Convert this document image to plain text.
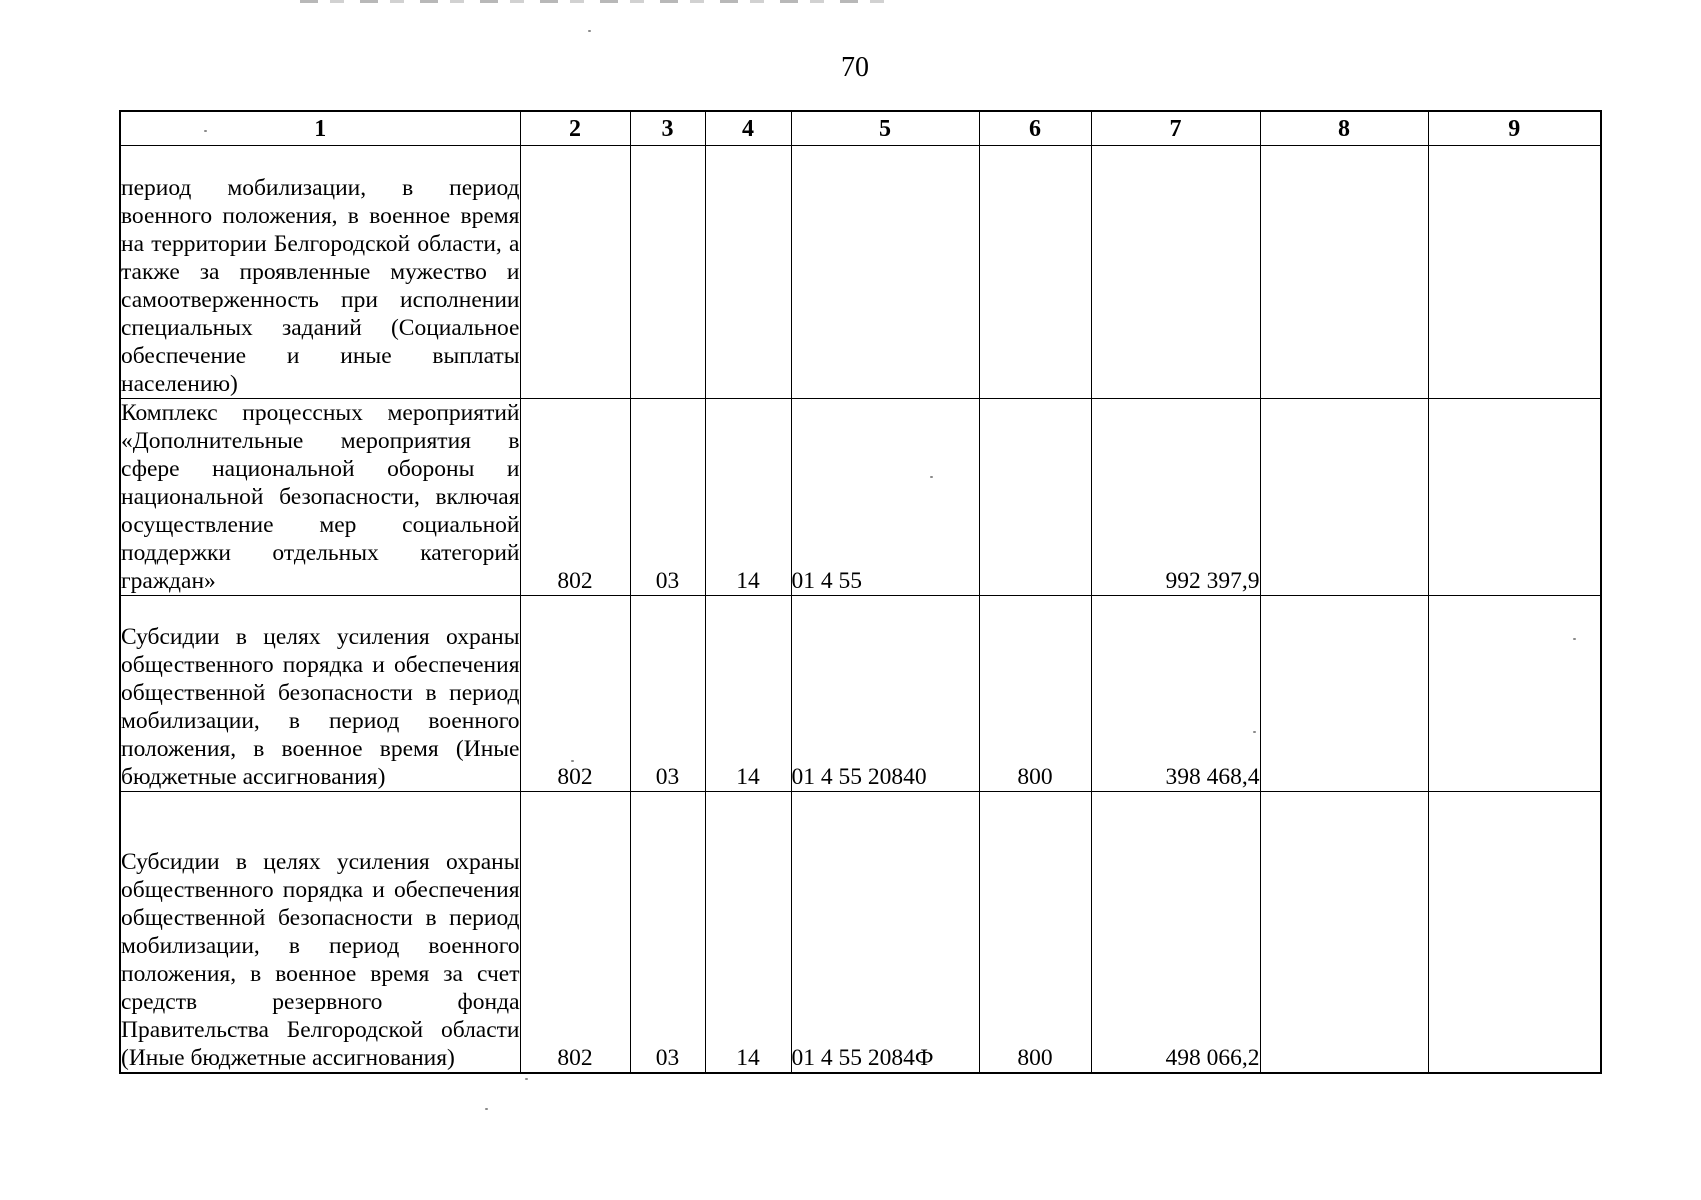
70
1	2	3	4	5	6	7	8	9
период мобилизации, в период военного положения, в военное время на территории Белгородской области, а также за проявленные мужество и самоотверженность при исполнении специальных заданий (Социальное обеспечение и иные выплаты населению)								
Комплекс процессных мероприятий «Дополнительные мероприятия в сфере национальной обороны и национальной безопасности, включая осуществление мер социальной поддержки отдельных категорий граждан»	802	03	14	01 4 55		992 397,9		
Субсидии в целях усиления охраны общественного порядка и обеспечения общественной безопасности в период мобилизации, в период военного положения, в военное время (Иные бюджетные ассигнования)	802	03	14	01 4 55 20840	800	398 468,4		
Субсидии в целях усиления охраны общественного порядка и обеспечения общественной безопасности в период мобилизации, в период военного положения, в военное время за счет средств резервного фонда Правительства Белгородской области (Иные бюджетные ассигнования)	802	03	14	01 4 55 2084Ф	800	498 066,2		
